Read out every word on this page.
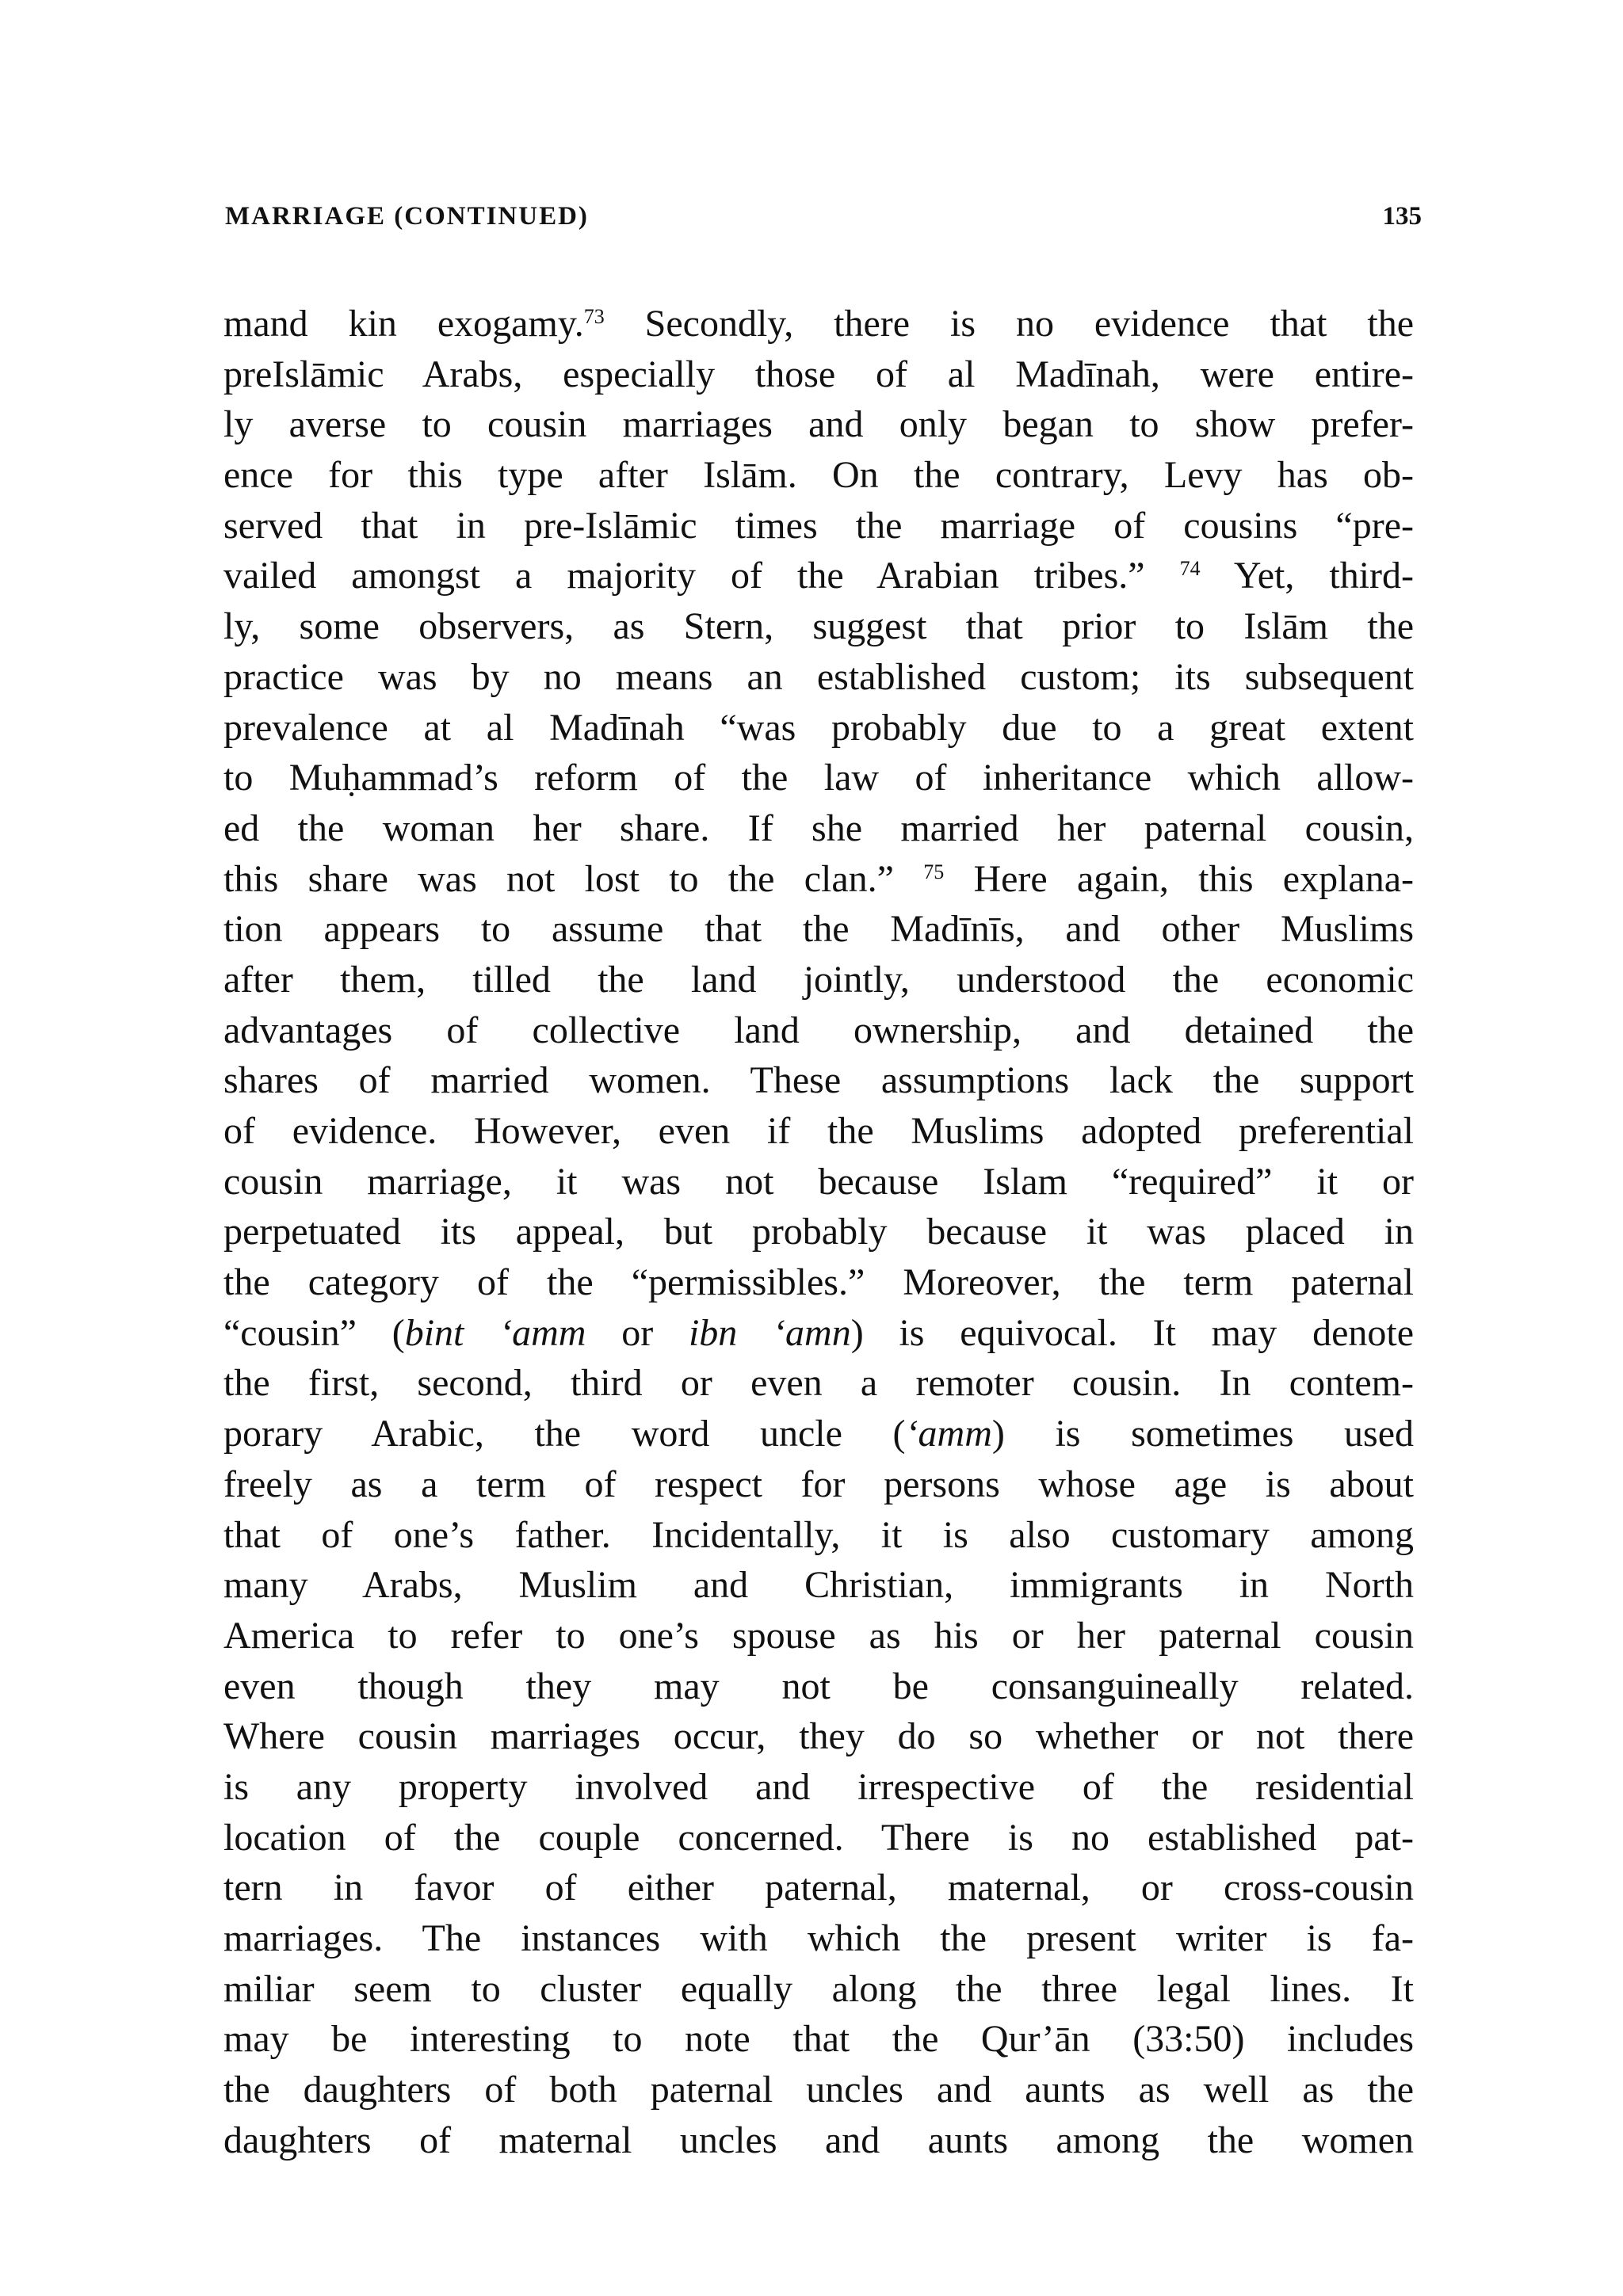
MARRIAGE (CONTINUED)	135
mand kin exogamy.$^{73}$ Secondly, there is no evidence that the
preIslāmic Arabs, especially those of al Madīnah, were entire-
ly averse to cousin marriages and only began to show prefer-
ence for this type after Islām. On the contrary, Levy has ob-
served that in pre-Islāmic times the marriage of cousins “pre-
vailed amongst a majority of the Arabian tribes.” $^{74}$ Yet, third-
ly, some observers, as Stern, suggest that prior to Islām the
practice was by no means an established custom; its subsequent
prevalence at al Madīnah “was probably due to a great extent
to Muḥammad’s reform of the law of inheritance which allow-
ed the woman her share. If she married her paternal cousin,
this share was not lost to the clan.” $^{75}$ Here again, this explana-
tion appears to assume that the Madīnīs, and other Muslims
after them, tilled the land jointly, understood the economic
advantages of collective land ownership, and detained the
shares of married women. These assumptions lack the support
of evidence. However, even if the Muslims adopted preferential
cousin marriage, it was not because Islam “required” it or
perpetuated its appeal, but probably because it was placed in
the category of the “permissibles.” Moreover, the term paternal
“cousin” (bint ‘amm or ibn ‘amn) is equivocal. It may denote
the first, second, third or even a remoter cousin. In contem-
porary Arabic, the word uncle (‘amm) is sometimes used
freely as a term of respect for persons whose age is about
that of one’s father. Incidentally, it is also customary among
many Arabs, Muslim and Christian, immigrants in North
America to refer to one’s spouse as his or her paternal cousin
even though they may not be consanguineally related.
Where cousin marriages occur, they do so whether or not there
is any property involved and irrespective of the residential
location of the couple concerned. There is no established pat-
tern in favor of either paternal, maternal, or cross-cousin
marriages. The instances with which the present writer is fa-
miliar seem to cluster equally along the three legal lines. It
may be interesting to note that the Qur’ān (33:50) includes
the daughters of both paternal uncles and aunts as well as the
daughters of maternal uncles and aunts among the women
